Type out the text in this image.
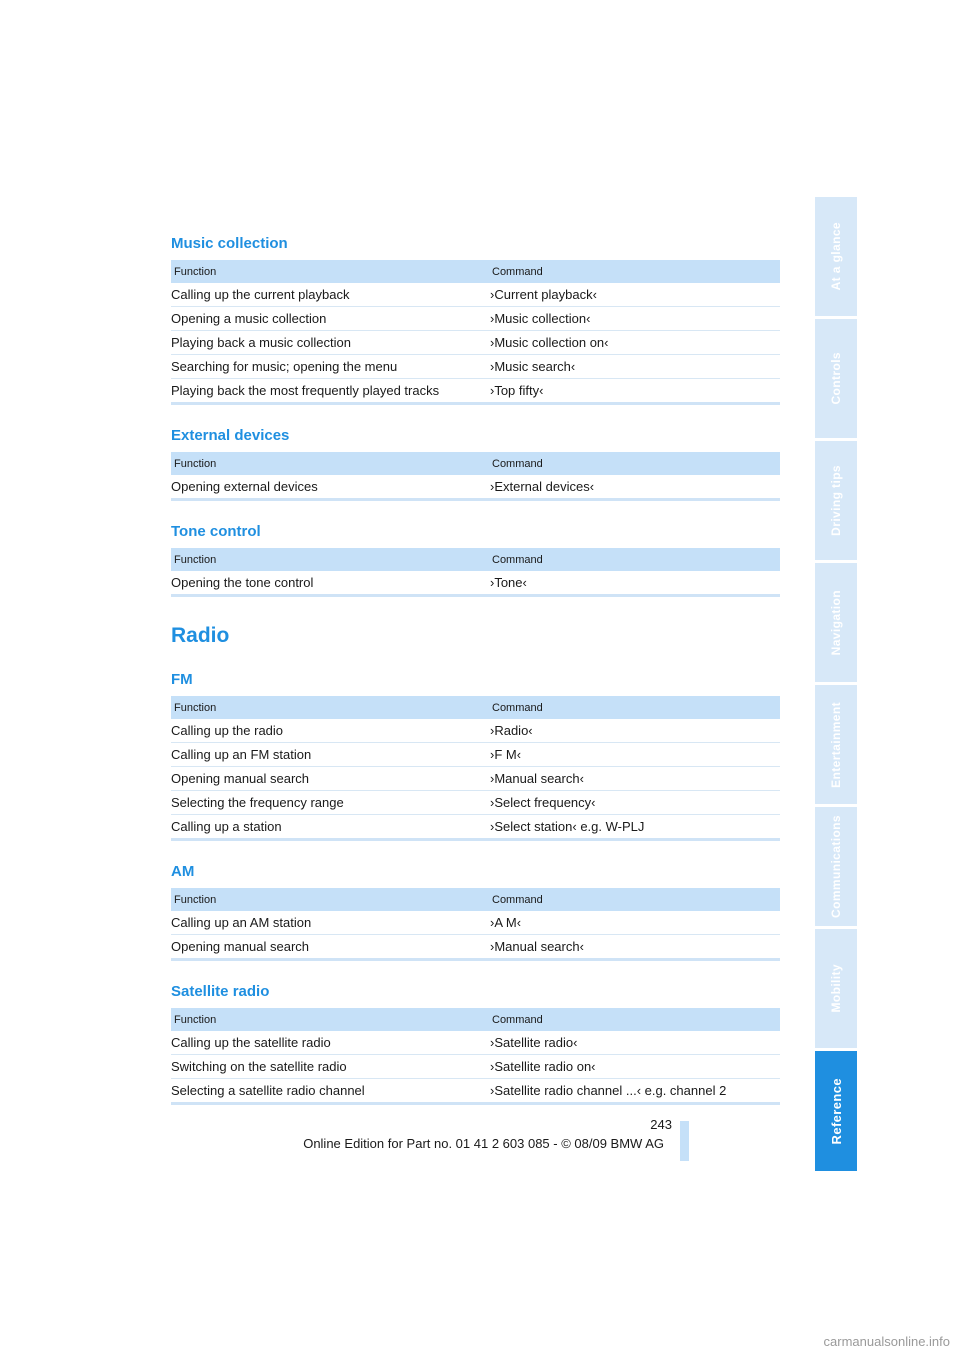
Music collection
Function	Command
Calling up the current playback	›Current playback‹
Opening a music collection	›Music collection‹
Playing back a music collection	›Music collection on‹
Searching for music; opening the menu	›Music search‹
Playing back the most frequently played tracks	›Top fifty‹
External devices
Function	Command
Opening external devices	›External devices‹
Tone control
Function	Command
Opening the tone control	›Tone‹
Radio
FM
Function	Command
Calling up the radio	›Radio‹
Calling up an FM station	›F M‹
Opening manual search	›Manual search‹
Selecting the frequency range	›Select frequency‹
Calling up a station	›Select station‹ e.g. W-PLJ
AM
Function	Command
Calling up an AM station	›A M‹
Opening manual search	›Manual search‹
Satellite radio
Function	Command
Calling up the satellite radio	›Satellite radio‹
Switching on the satellite radio	›Satellite radio on‹
Selecting a satellite radio channel	›Satellite radio channel ...‹ e.g. channel 2
At a glance
Controls
Driving tips
Navigation
Entertainment
Communications
Mobility
Reference
243
Online Edition for Part no. 01 41 2 603 085 - © 08/09 BMW AG
carmanualsonline.info
